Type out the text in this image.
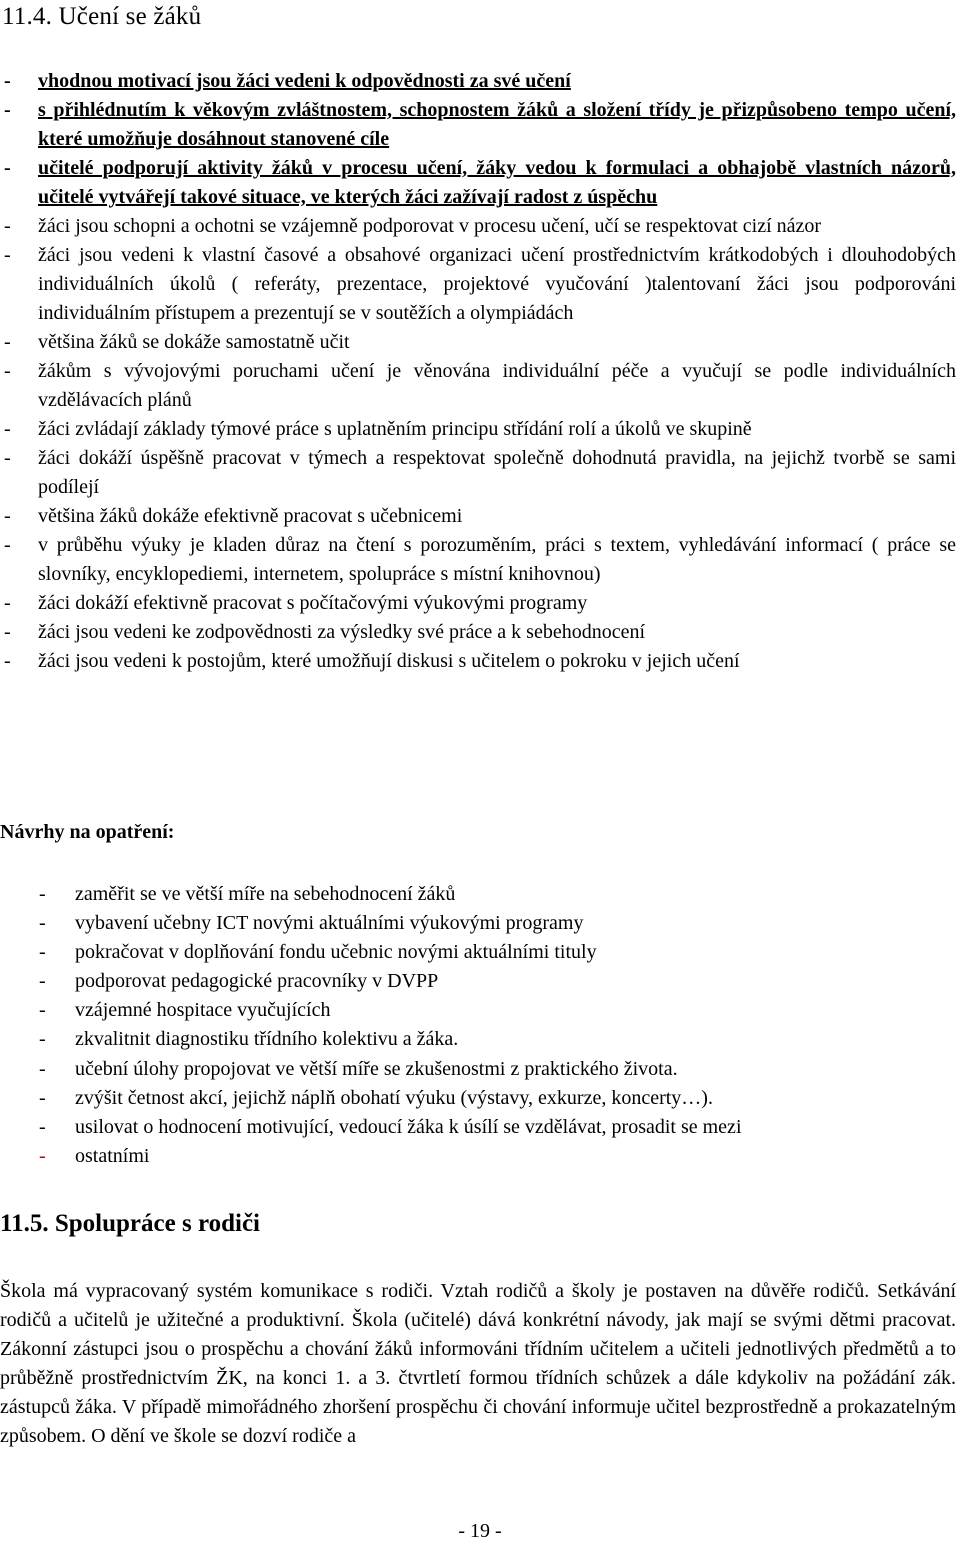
11.4. Učení se žáků
- vhodnou motivací jsou žáci vedeni k odpovědnosti za své učení
- s přihlédnutím k věkovým zvláštnostem, schopnostem žáků a složení třídy je přizpůsobeno tempo učení, které umožňuje dosáhnout stanovené cíle
- učitelé podporují aktivity žáků v procesu učení, žáky vedou k formulaci a obhajobě vlastních názorů, učitelé vytvářejí takové situace, ve kterých žáci zažívají radost z úspěchu
- žáci jsou schopni a ochotni se vzájemně podporovat v procesu učení, učí se respektovat cizí názor
- žáci jsou vedeni k vlastní časové a obsahové organizaci učení prostřednictvím krátkodobých i dlouhodobých individuálních úkolů ( referáty, prezentace, projektové vyučování )talentovaní žáci jsou podporováni individuálním přístupem a prezentují se v soutěžích a olympiádách
- většina žáků se dokáže samostatně učit
- žákům s vývojovými poruchami učení je věnována individuální péče a vyučují se podle individuálních vzdělávacích plánů
- žáci zvládají základy týmové práce s uplatněním principu střídání rolí a úkolů ve skupině
- žáci dokáží úspěšně pracovat v týmech a respektovat společně dohodnutá pravidla, na jejichž tvorbě se sami podílejí
- většina žáků dokáže efektivně pracovat s učebnicemi
- v průběhu výuky je kladen důraz na čtení s porozuměním, práci s textem, vyhledávání informací ( práce se slovníky, encyklopediemi, internetem, spolupráce s místní knihovnou)
- žáci dokáží efektivně pracovat s počítačovými výukovými programy
- žáci jsou vedeni ke zodpovědnosti za výsledky své práce a k sebehodnocení
- žáci jsou vedeni k postojům, které umožňují diskusi s učitelem o pokroku v jejich učení
Návrhy na opatření:
- zaměřit se ve větší míře na sebehodnocení žáků
- vybavení učebny ICT novými aktuálními výukovými programy
- pokračovat v doplňování fondu učebnic novými aktuálními tituly
- podporovat pedagogické pracovníky v DVPP
- vzájemné hospitace vyučujících
- zkvalitnit diagnostiku třídního kolektivu a žáka.
- učební úlohy propojovat ve větší míře se zkušenostmi z praktického života.
- zvýšit četnost akcí, jejichž náplň obohatí výuku (výstavy, exkurze, koncerty…).
- usilovat o hodnocení motivující, vedoucí žáka k úsílí se vzdělávat, prosadit se mezi
- ostatními
11.5. Spolupráce s rodiči

Škola má vypracovaný systém komunikace s rodiči. Vztah rodičů a školy je postaven na důvěře rodičů. Setkávání rodičů a učitelů je užitečné a produktivní. Škola (učitelé) dává konkrétní návody, jak mají se svými dětmi pracovat. Zákonní zástupci jsou o prospěchu a chování žáků informováni třídním učitelem a učiteli jednotlivých předmětů a to průběžně prostřednictvím ŽK, na konci 1. a 3. čtvrtletí formou třídních schůzek a dále kdykoliv na požádání zák. zástupců žáka. V případě mimořádného zhoršení prospěchu či chování informuje učitel bezprostředně a prokazatelným způsobem. O dění ve škole se dozví rodiče a

- 19 -
